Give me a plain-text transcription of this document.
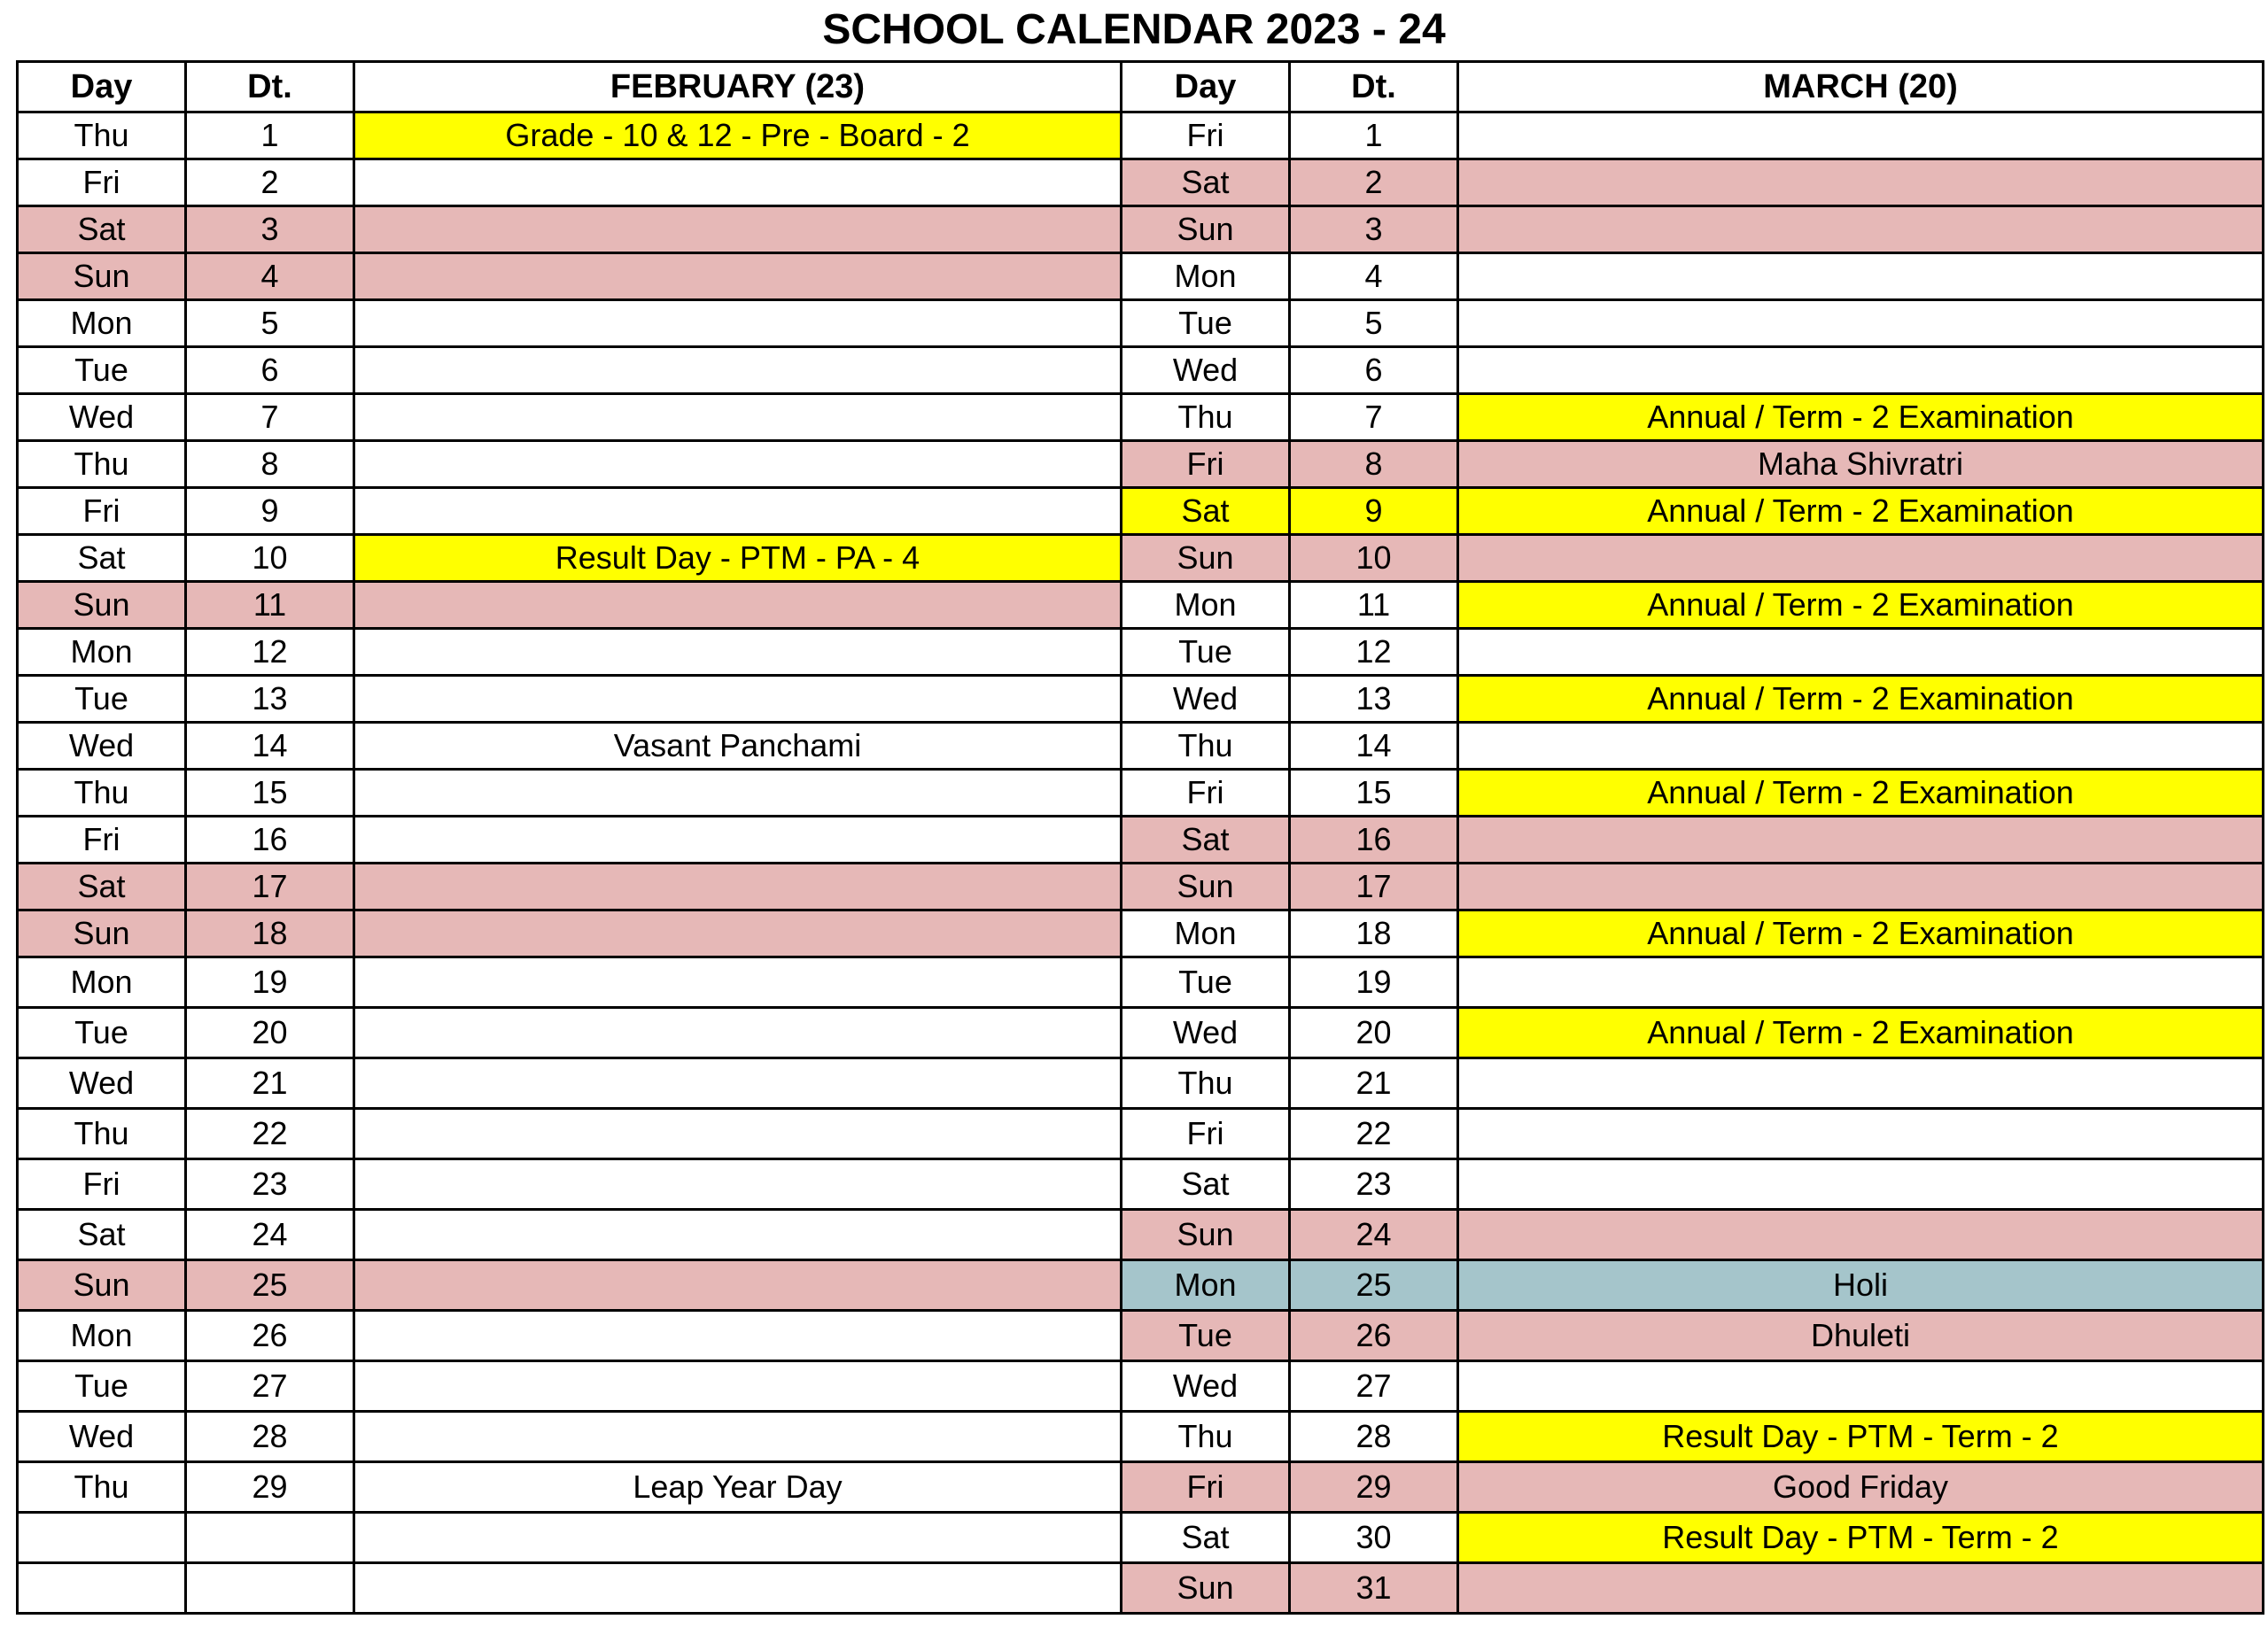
SCHOOL CALENDAR 2023 - 24
Day	Dt.	FEBRUARY (23)	Day	Dt.	MARCH (20)
Thu	1	Grade - 10 & 12 - Pre - Board - 2	Fri	1	
Fri	2		Sat	2	
Sat	3		Sun	3	
Sun	4		Mon	4	
Mon	5		Tue	5	
Tue	6		Wed	6	
Wed	7		Thu	7	Annual / Term - 2 Examination
Thu	8		Fri	8	Maha Shivratri
Fri	9		Sat	9	Annual / Term - 2 Examination
Sat	10	Result Day - PTM - PA - 4	Sun	10	
Sun	11		Mon	11	Annual / Term - 2 Examination
Mon	12		Tue	12	
Tue	13		Wed	13	Annual / Term - 2 Examination
Wed	14	Vasant Panchami	Thu	14	
Thu	15		Fri	15	Annual / Term - 2 Examination
Fri	16		Sat	16	
Sat	17		Sun	17	
Sun	18		Mon	18	Annual / Term - 2 Examination
Mon	19		Tue	19	
Tue	20		Wed	20	Annual / Term - 2 Examination
Wed	21		Thu	21	
Thu	22		Fri	22	
Fri	23		Sat	23	
Sat	24		Sun	24	
Sun	25		Mon	25	Holi
Mon	26		Tue	26	Dhuleti
Tue	27		Wed	27	
Wed	28		Thu	28	Result Day - PTM - Term - 2
Thu	29	Leap Year Day	Fri	29	Good Friday
			Sat	30	Result Day - PTM - Term - 2
			Sun	31	
